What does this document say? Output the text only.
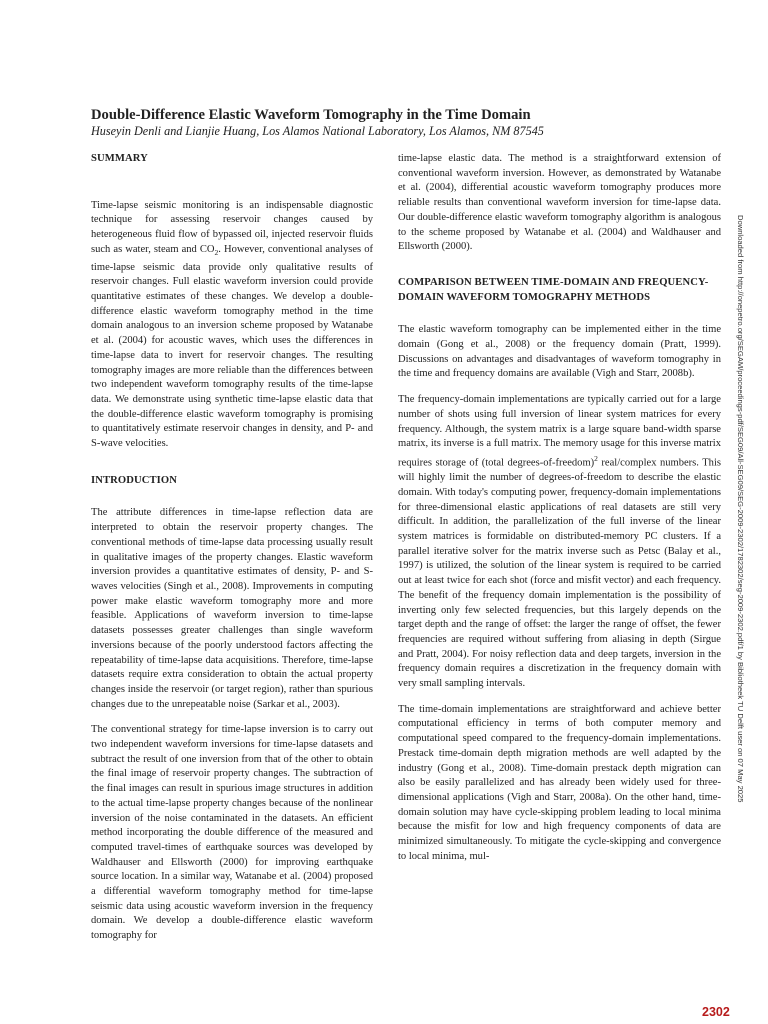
Double-Difference Elastic Waveform Tomography in the Time Domain
Huseyin Denli and Lianjie Huang, Los Alamos National Laboratory, Los Alamos, NM 87545
SUMMARY

Time-lapse seismic monitoring is an indispensable diagnostic technique for assessing reservoir changes caused by heterogeneous fluid flow of bypassed oil, injected reservoir fluids such as water, steam and $CO_2$. However, conventional analyses of time-lapse seismic data provide only qualitative results of reservoir changes. Full elastic waveform inversion could provide quantitative estimates of these changes. We develop a double-difference elastic waveform tomography method in the time domain analogous to an inversion scheme proposed by Watanabe et al. (2004) for acoustic waves, which uses the differences in time-lapse data to invert for reservoir changes. The resulting tomography images are more reliable than the differences between two independent waveform tomography results of the time-lapse data. We demonstrate using synthetic time-lapse elastic data that the double-difference elastic waveform tomography is promising to quantitatively estimate reservoir changes in density, and P- and S-wave velocities.

INTRODUCTION

The attribute differences in time-lapse reflection data are interpreted to obtain the reservoir property changes. The conventional methods of time-lapse data processing usually result in qualitative images of the property changes. Elastic waveform inversion provides a quantitative estimates of density, P- and S-waves velocities (Singh et al., 2008). Improvements in computing power make elastic waveform tomography more and more feasible. Applications of waveform inversion to time-lapse datasets possesses greater challenges than single waveform inversions because of the poorly understood factors affecting the repeatability of time-lapse data acquisitions. Therefore, time-lapse datasets require extra consideration to obtain the actual property changes inside the reservoir (or target region), rather than spurious changes due to the unrepeatable noise (Sarkar et al., 2003).

The conventional strategy for time-lapse inversion is to carry out two independent waveform inversions for time-lapse datasets and subtract the result of one inversion from that of the other to obtain the final image of reservoir property changes. The subtraction of the final images can result in spurious image structures in addition to the actual time-lapse property changes because of the nonlinear inversion of the noise contaminated in the datasets. An efficient method incorporating the double difference of the measured and computed travel-times of earthquake sources was developed by Waldhauser and Ellsworth (2000) for improving earthquake source location. In a similar way, Watanabe et al. (2004) proposed a differential waveform tomography method for time-lapse seismic data using acoustic waveform inversion in the frequency domain. We develop a double-difference elastic waveform tomography for

time-lapse elastic data. The method is a straightforward extension of conventional waveform inversion. However, as demonstrated by Watanabe et al. (2004), differential acoustic waveform tomography produces more reliable results than conventional waveform inversion for time-lapse data. Our double-difference elastic waveform tomography algorithm is analogous to the scheme proposed by Watanabe et al. (2004) and Waldhauser and Ellsworth (2000).

COMPARISON BETWEEN TIME-DOMAIN AND FREQUENCY-DOMAIN WAVEFORM TOMOGRAPHY METHODS

The elastic waveform tomography can be implemented either in the time domain (Gong et al., 2008) or the frequency domain (Pratt, 1999). Discussions on advantages and disadvantages of waveform tomography in the time and frequency domains are available (Vigh and Starr, 2008b).

The frequency-domain implementations are typically carried out for a large number of shots using full inversion of linear system matrices for every frequency. Although, the system matrix is a large square band-width sparse matrix, its inverse is a full matrix. The memory usage for this inverse matrix requires storage of (total degrees-of-freedom)$^2$ real/complex numbers. This will highly limit the number of degrees-of-freedom to describe the elastic domain. With today's computing power, frequency-domain implementations for three-dimensional elastic applications of real datasets are still very difficult. In addition, the parallelization of the full inverse of the linear system matrices is formidable on distributed-memory PC clusters. If a parallel iterative solver for the matrix inverse such as Petsc (Balay et al., 1997) is utilized, the solution of the linear system is required to be carried out at least twice for each shot (force and misfit vector) and each frequency. The benefit of the frequency domain implementation is the possibility of inverting only few selected frequencies, but this largely depends on the target depth and the range of offset: the larger the range of offset, the fewer frequencies are required without suffering from aliasing in depth (Sirgue and Pratt, 2004). For noisy reflection data and deep targets, inversion in the frequency domain requires a discretization in the frequency domain with very small sampling intervals.

The time-domain implementations are straightforward and achieve better computational efficiency in terms of both computer memory and computational speed compared to the frequency-domain implementations. Prestack time-domain depth migration methods are well adapted by the industry (Gong et al., 2008). Time-domain prestack depth migration can also be easily parallelized and has already been widely used for three-dimensional applications (Vigh and Starr, 2008a). On the other hand, time-domain solution may have cycle-skipping problem leading to local minima because the misfit for low and high frequency components of data are minimized simultaneously. To mitigate the cycle-skipping and convergence to local minima, mul-

Downloaded from http://onepetro.org/SEGAM/proceedings-pdf/SEG09/All-SEG09/SEG-2009-2302/1782302/seg-2009-2302.pdf/1 by Bibliotheek TU Delft user on 07 May 2025
2302
